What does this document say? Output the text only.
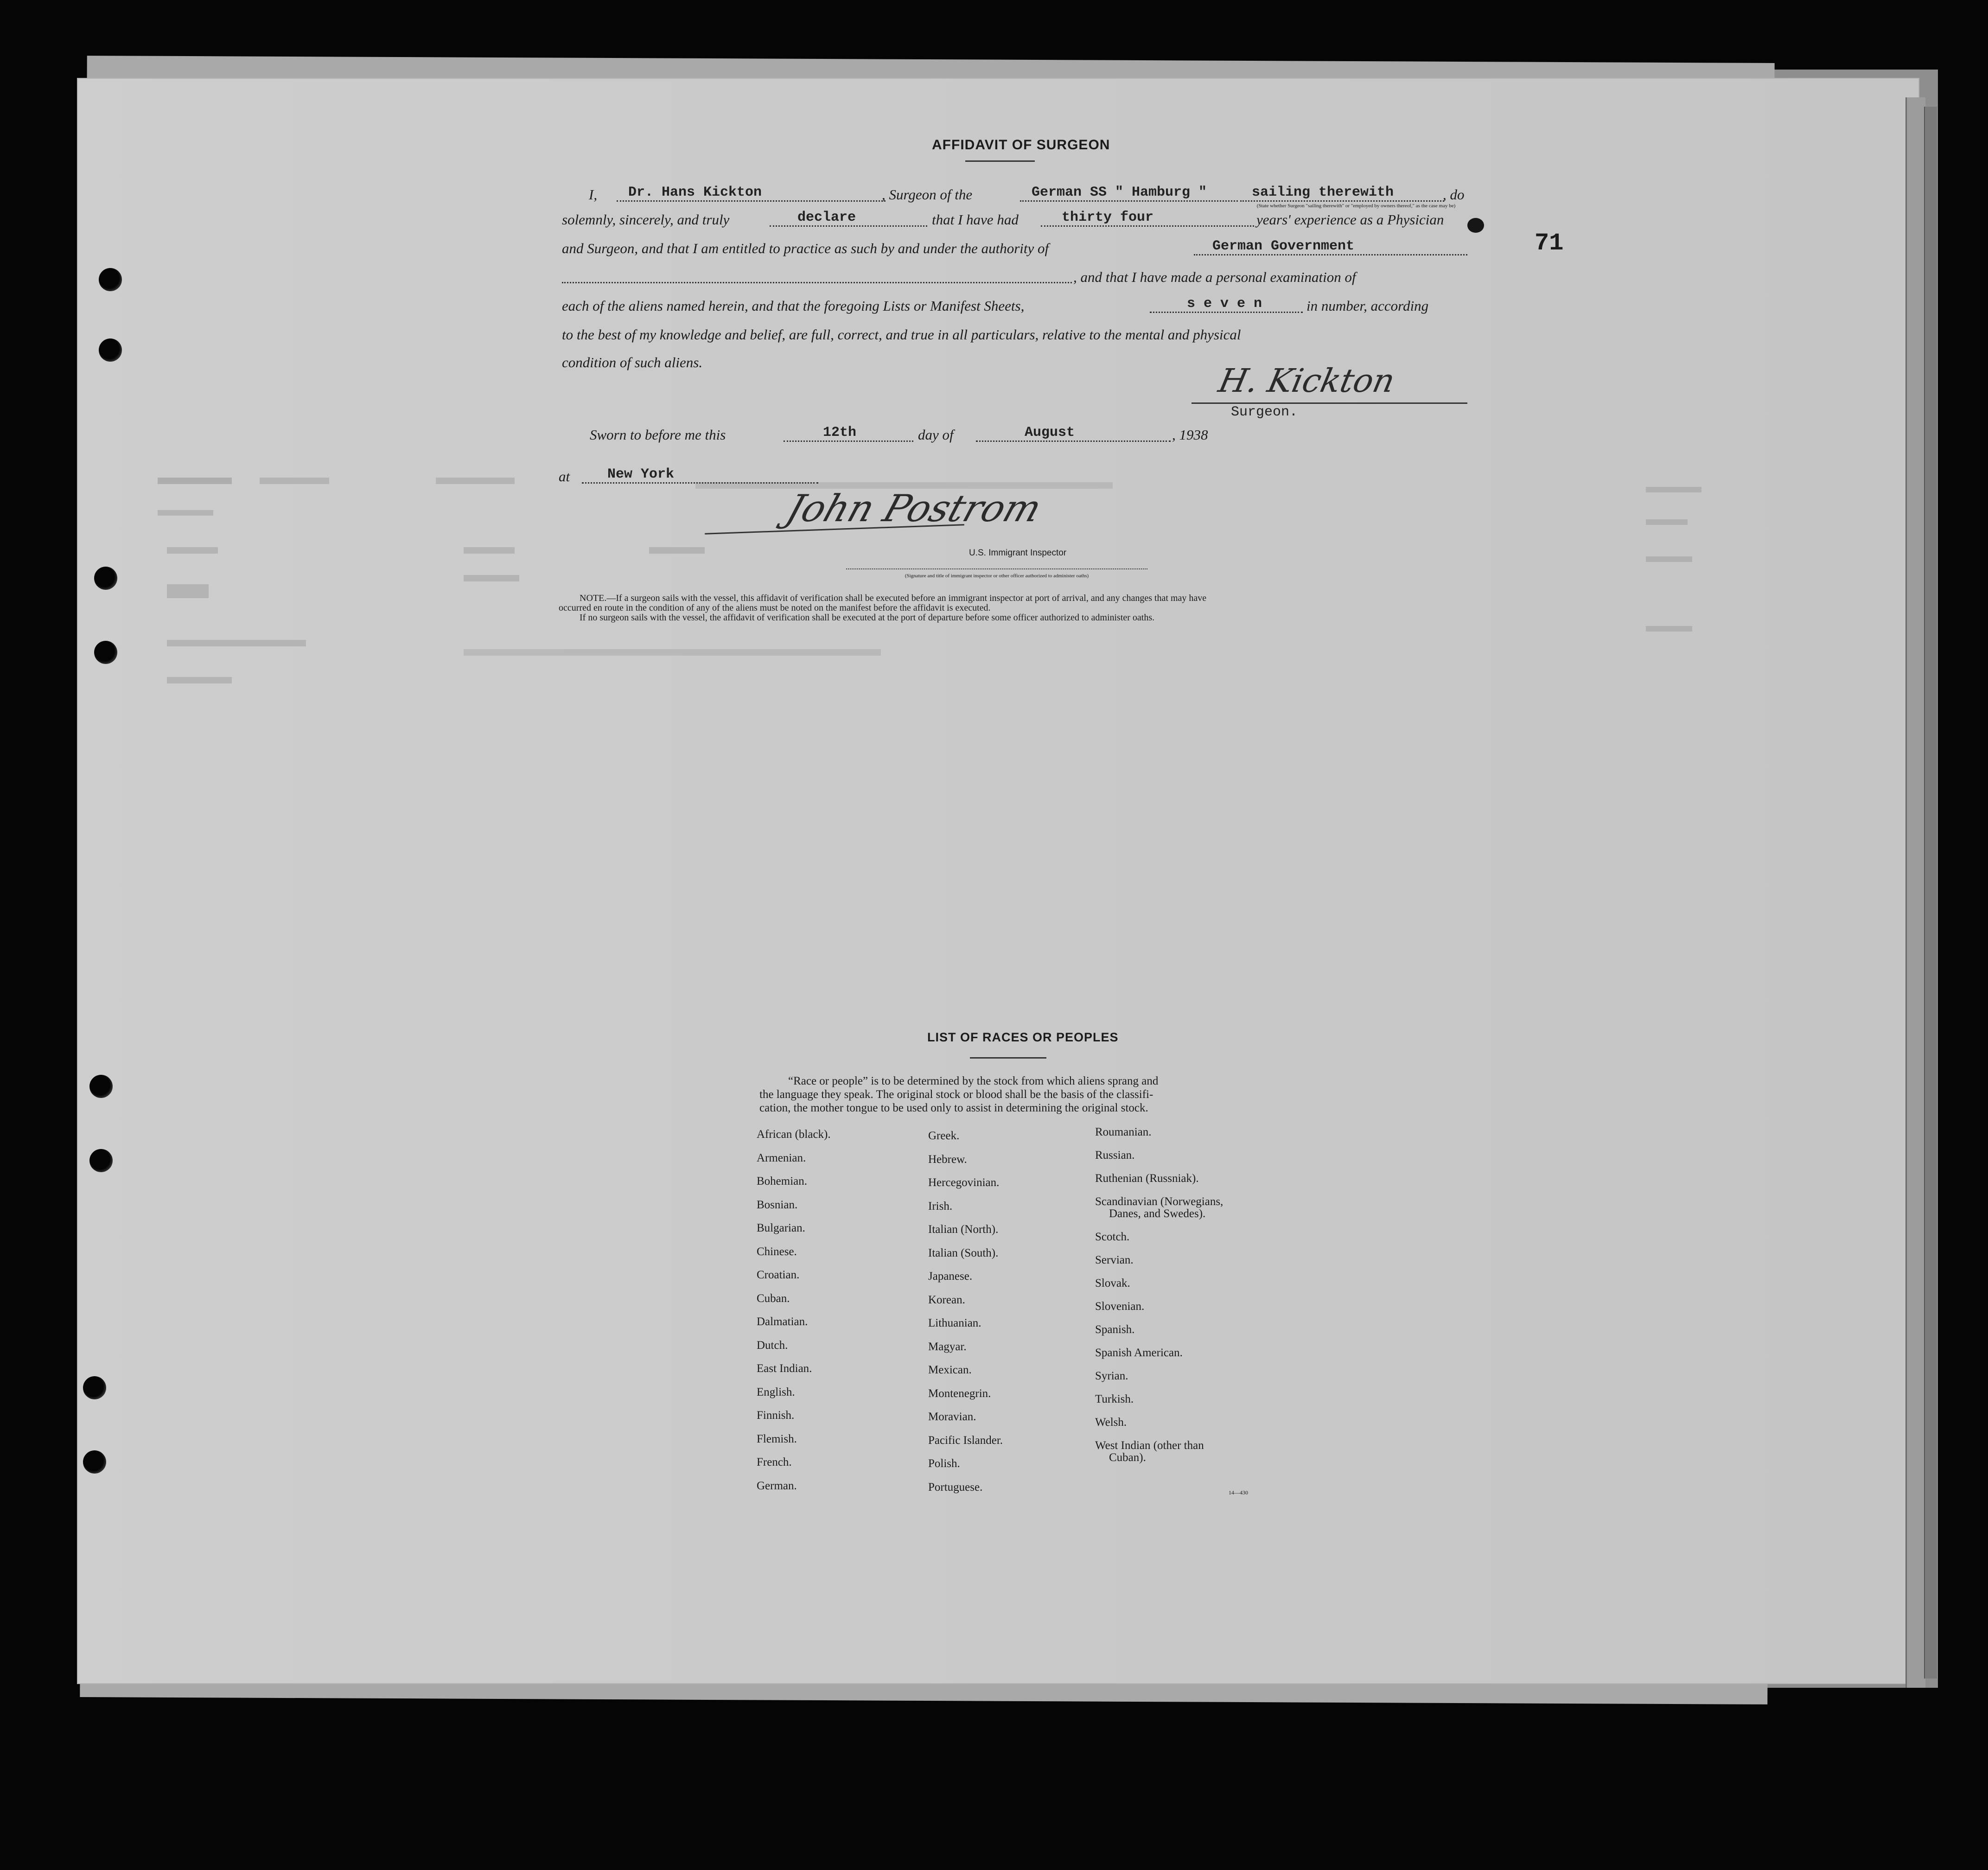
71
AFFIDAVIT OF SURGEON
I, Dr. Hans Kickton	, Surgeon of the	German SS " Hamburg "	sailing therewith	, do
(State whether Surgeon "sailing therewith" or "employed by owners thereof," as the case may be)
solemnly, sincerely, and truly	declare	that I have had	thirty four	years' experience as a Physician
and Surgeon, and that I am entitled to practice as such by and under the authority of	German Government
, and that I have made a personal examination of
each of the aliens named herein, and that the foregoing Lists or Manifest Sheets,	s e v e n	in number, according
to the best of my knowledge and belief, are full, correct, and true in all particulars, relative to the mental and physical
condition of such aliens.	H. Kickton
Surgeon.
Sworn to before me this	12th	day of	August	, 1938
at	New York
John Postrom
U.S. Immigrant Inspector
(Signature and title of immigrant inspector or other officer authorized to administer oaths)
NOTE.—If a surgeon sails with the vessel, this affidavit of verification shall be executed before an immigrant inspector at port of arrival, and any changes that may have
occurred en route in the condition of any of the aliens must be noted on the manifest before the affidavit is executed.
If no surgeon sails with the vessel, the affidavit of verification shall be executed at the port of departure before some officer authorized to administer oaths.
LIST OF RACES OR PEOPLES
“Race or people” is to be determined by the stock from which aliens sprang and
the language they speak. The original stock or blood shall be the basis of the classifi-
cation, the mother tongue to be used only to assist in determining the original stock.
African (black).
Armenian.
Bohemian.
Bosnian.
Bulgarian.
Chinese.
Croatian.
Cuban.
Dalmatian.
Dutch.
East Indian.
English.
Finnish.
Flemish.
French.
German.
Greek.
Hebrew.
Hercegovinian.
Irish.
Italian (North).
Italian (South).
Japanese.
Korean.
Lithuanian.
Magyar.
Mexican.
Montenegrin.
Moravian.
Pacific Islander.
Polish.
Portuguese.
Roumanian.
Russian.
Ruthenian (Russniak).
Scandinavian (Norwegians,
Danes, and Swedes).
Scotch.
Servian.
Slovak.
Slovenian.
Spanish.
Spanish American.
Syrian.
Turkish.
Welsh.
West Indian (other than
Cuban).
14—430
